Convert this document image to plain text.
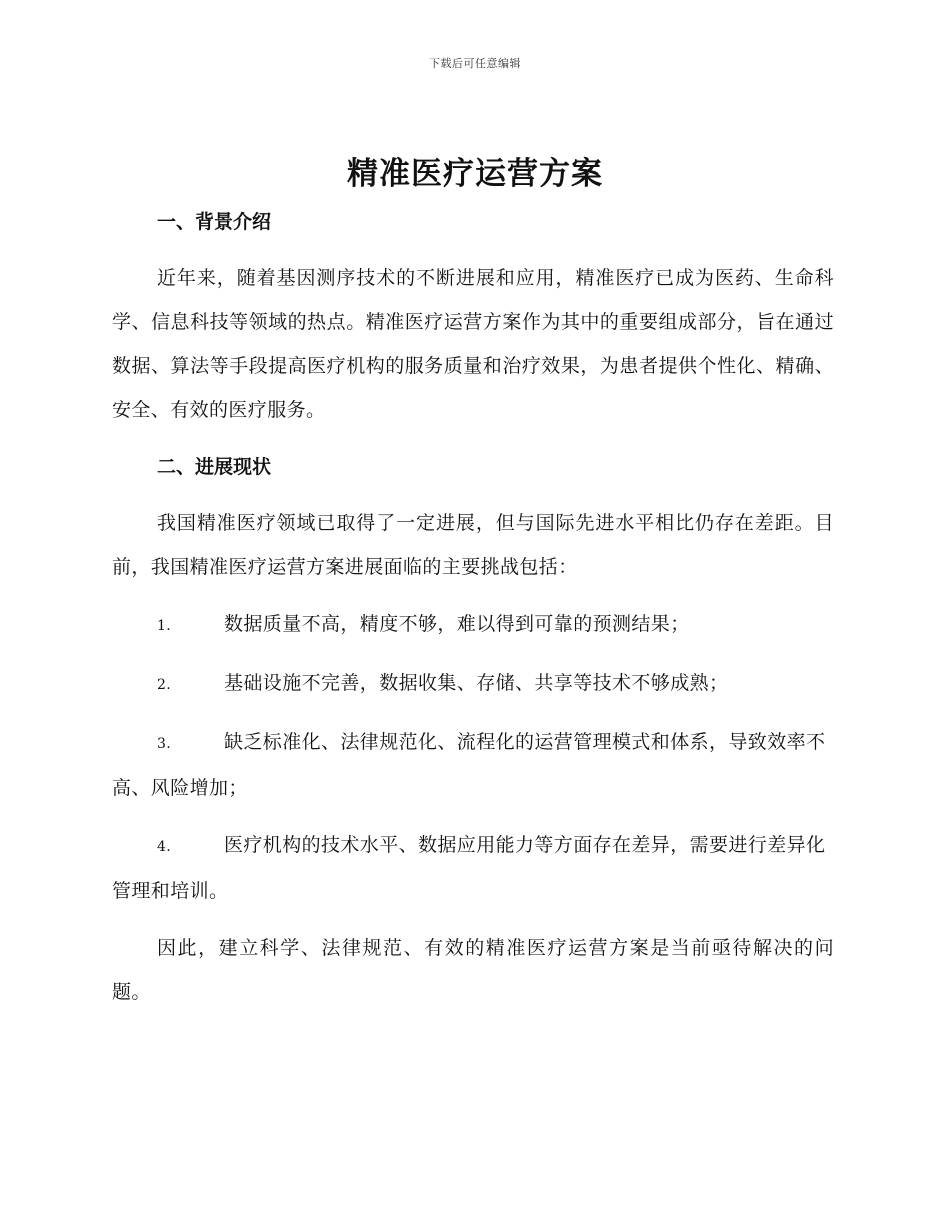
下载后可任意编辑
精准医疗运营方案
一、背景介绍

近年来，随着基因测序技术的不断进展和应用，精准医疗已成为医药、生命科学、信息科技等领域的热点。精准医疗运营方案作为其中的重要组成部分，旨在通过数据、算法等手段提高医疗机构的服务质量和治疗效果，为患者提供个性化、精确、安全、有效的医疗服务。

二、进展现状

我国精准医疗领域已取得了一定进展，但与国际先进水平相比仍存在差距。目前，我国精准医疗运营方案进展面临的主要挑战包括：

1.	数据质量不高，精度不够，难以得到可靠的预测结果；

2.	基础设施不完善，数据收集、存储、共享等技术不够成熟；

3.	缺乏标准化、法律规范化、流程化的运营管理模式和体系，导致效率不高、风险增加；

4.	医疗机构的技术水平、数据应用能力等方面存在差异，需要进行差异化管理和培训。

因此，建立科学、法律规范、有效的精准医疗运营方案是当前亟待解决的问题。
